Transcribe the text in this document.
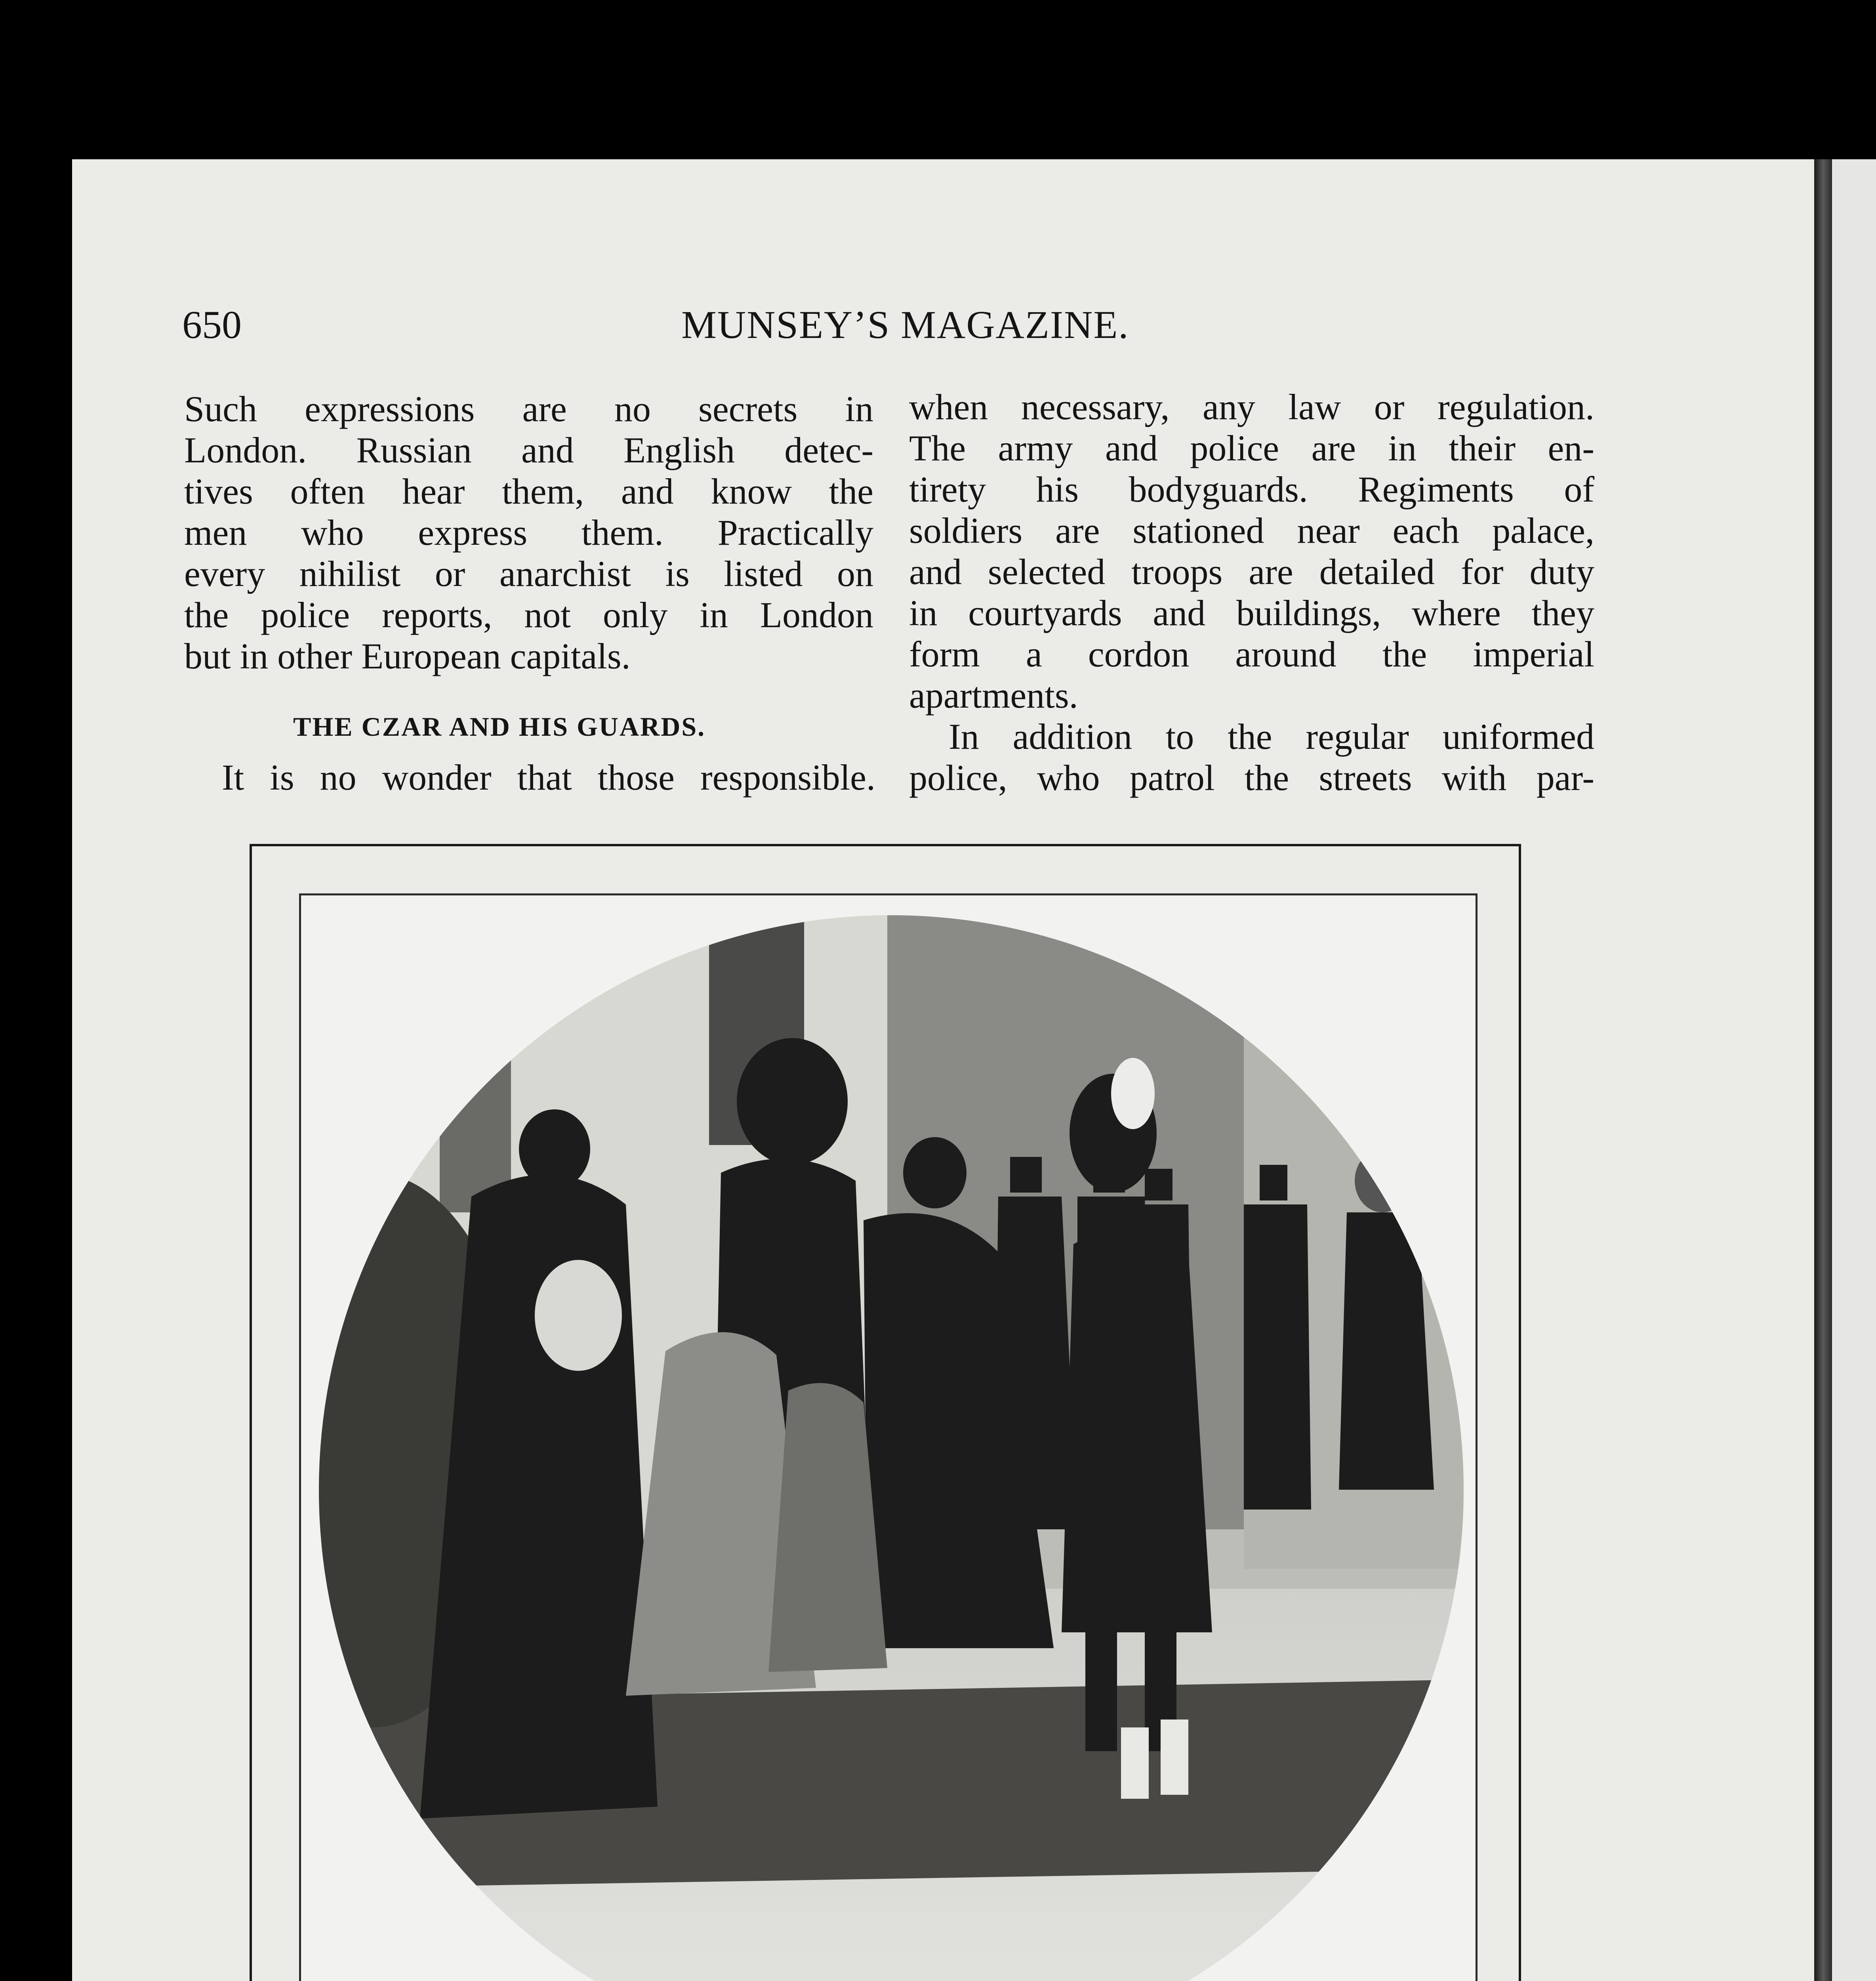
650	MUNSEY’S MAGAZINE.

Such expressions are no secrets in

London. Russian and English detec-

tives often hear them, and know the

men who express them. Practically

every nihilist or anarchist is listed on

the police reports, not only in London

but in other European capitals.

THE CZAR AND HIS GUARDS.

It is no wonder that those responsible.

when necessary, any law or regulation.

The army and police are in their en-

tirety his bodyguards. Regiments of

soldiers are stationed near each palace,

and selected troops are detailed for duty

in courtyards and buildings, where they

form a cordon around the imperial

apartments.

In addition to the regular uniformed

police, who patrol the streets with par-
